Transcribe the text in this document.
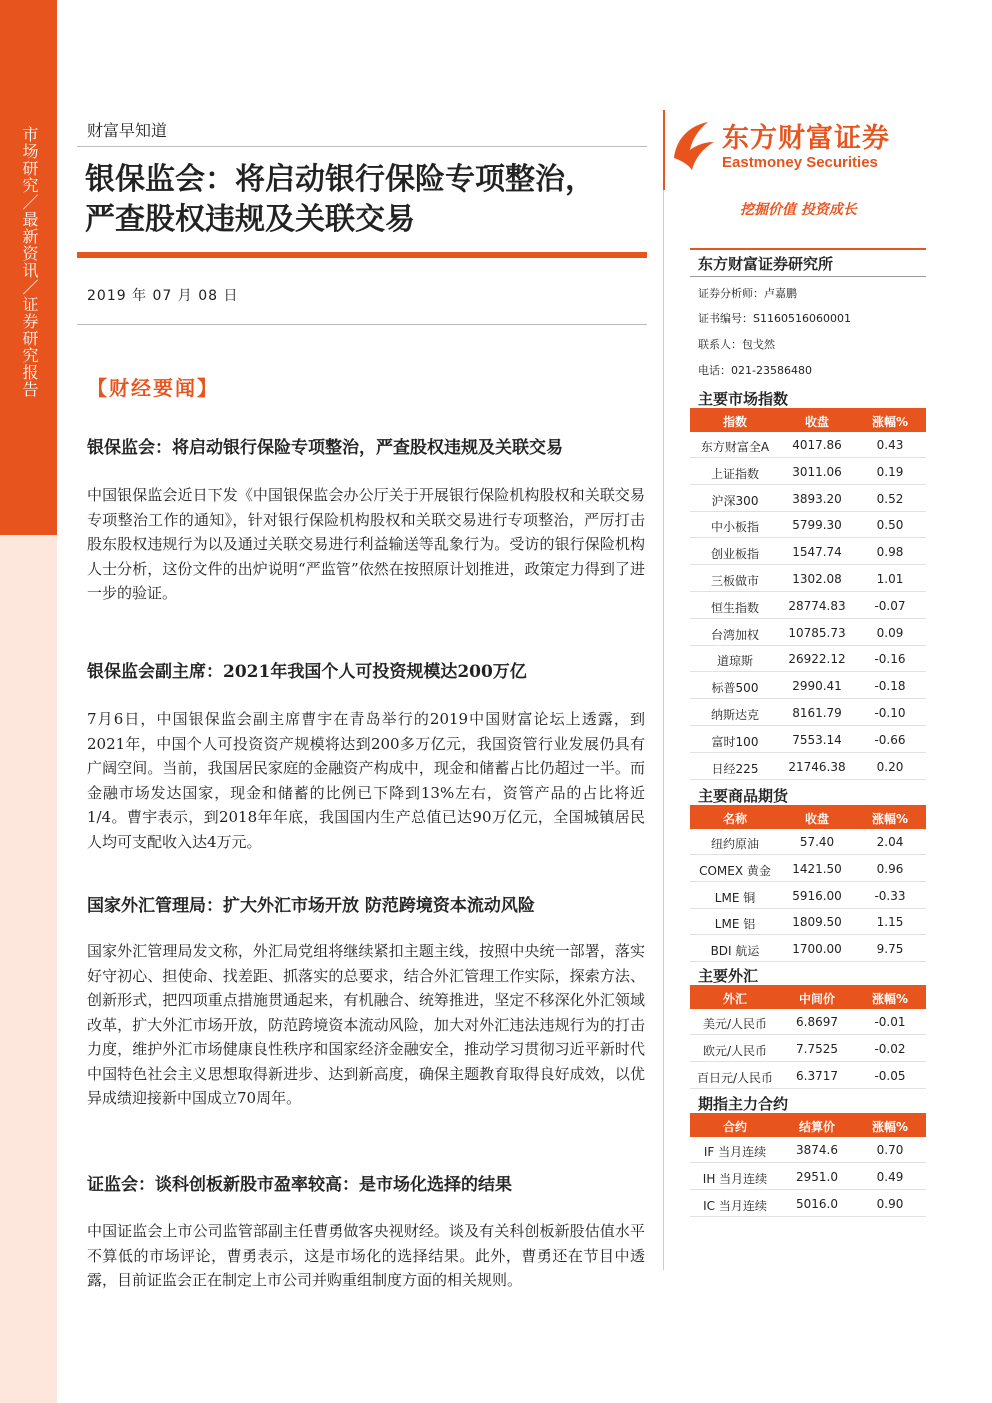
市场研究／最新资讯／证券研究报告	财富早知道
银保监会：将启动银行保险专项整治，
严查股权违规及关联交易
2019 年 07 月 08 日
【财经要闻】
银保监会：将启动银行保险专项整治，严查股权违规及关联交易
中国银保监会近日下发《中国银保监会办公厅关于开展银行保险机构股权和关联交易专项整治工作的通知》，针对银行保险机构股权和关联交易进行专项整治，严厉打击股东股权违规行为以及通过关联交易进行利益输送等乱象行为。受访的银行保险机构人士分析，这份文件的出炉说明“严监管”依然在按照原计划推进，政策定力得到了进一步的验证。
银保监会副主席：2021年我国个人可投资规模达200万亿
7月6日，中国银保监会副主席曹宇在青岛举行的2019中国财富论坛上透露，到2021年，中国个人可投资资产规模将达到200多万亿元，我国资管行业发展仍具有广阔空间。当前，我国居民家庭的金融资产构成中，现金和储蓄占比仍超过一半。而金融市场发达国家，现金和储蓄的比例已下降到13%左右，资管产品的占比将近1/4。曹宇表示，到2018年年底，我国国内生产总值已达90万亿元，全国城镇居民人均可支配收入达4万元。
国家外汇管理局：扩大外汇市场开放 防范跨境资本流动风险
国家外汇管理局发文称，外汇局党组将继续紧扣主题主线，按照中央统一部署，落实好守初心、担使命、找差距、抓落实的总要求，结合外汇管理工作实际，探索方法、创新形式，把四项重点措施贯通起来，有机融合、统筹推进，坚定不移深化外汇领域改革，扩大外汇市场开放，防范跨境资本流动风险，加大对外汇违法违规行为的打击力度，维护外汇市场健康良性秩序和国家经济金融安全，推动学习贯彻习近平新时代中国特色社会主义思想取得新进步、达到新高度，确保主题教育取得良好成效，以优异成绩迎接新中国成立70周年。
证监会：谈科创板新股市盈率较高：是市场化选择的结果
中国证监会上市公司监管部副主任曹勇做客央视财经。谈及有关科创板新股估值水平不算低的市场评论，曹勇表示，这是市场化的选择结果。此外，曹勇还在节目中透露，目前证监会正在制定上市公司并购重组制度方面的相关规则。
东方财富证券
Eastmoney Securities
挖掘价值 投资成长
东方财富证券研究所
证券分析师：卢嘉鹏
证书编号：S1160516060001
联系人：包戈然
电话：021-23586480
主要市场指数
指数	收盘	涨幅%
东方财富全A	4017.86	0.43
上证指数	3011.06	0.19
沪深300	3893.20	0.52
中小板指	5799.30	0.50
创业板指	1547.74	0.98
三板做市	1302.08	1.01
恒生指数	28774.83	-0.07
台湾加权	10785.73	0.09
道琼斯	26922.12	-0.16
标普500	2990.41	-0.18
纳斯达克	8161.79	-0.10
富时100	7553.14	-0.66
日经225	21746.38	0.20
主要商品期货
名称	收盘	涨幅%
纽约原油	57.40	2.04
COMEX 黄金	1421.50	0.96
LME 铜	5916.00	-0.33
LME 铝	1809.50	1.15
BDI 航运	1700.00	9.75
主要外汇
外汇	中间价	涨幅%
美元/人民币	6.8697	-0.01
欧元/人民币	7.7525	-0.02
百日元/人民币	6.3717	-0.05
期指主力合约
合约	结算价	涨幅%
IF 当月连续	3874.6	0.70
IH 当月连续	2951.0	0.49
IC 当月连续	5016.0	0.90
